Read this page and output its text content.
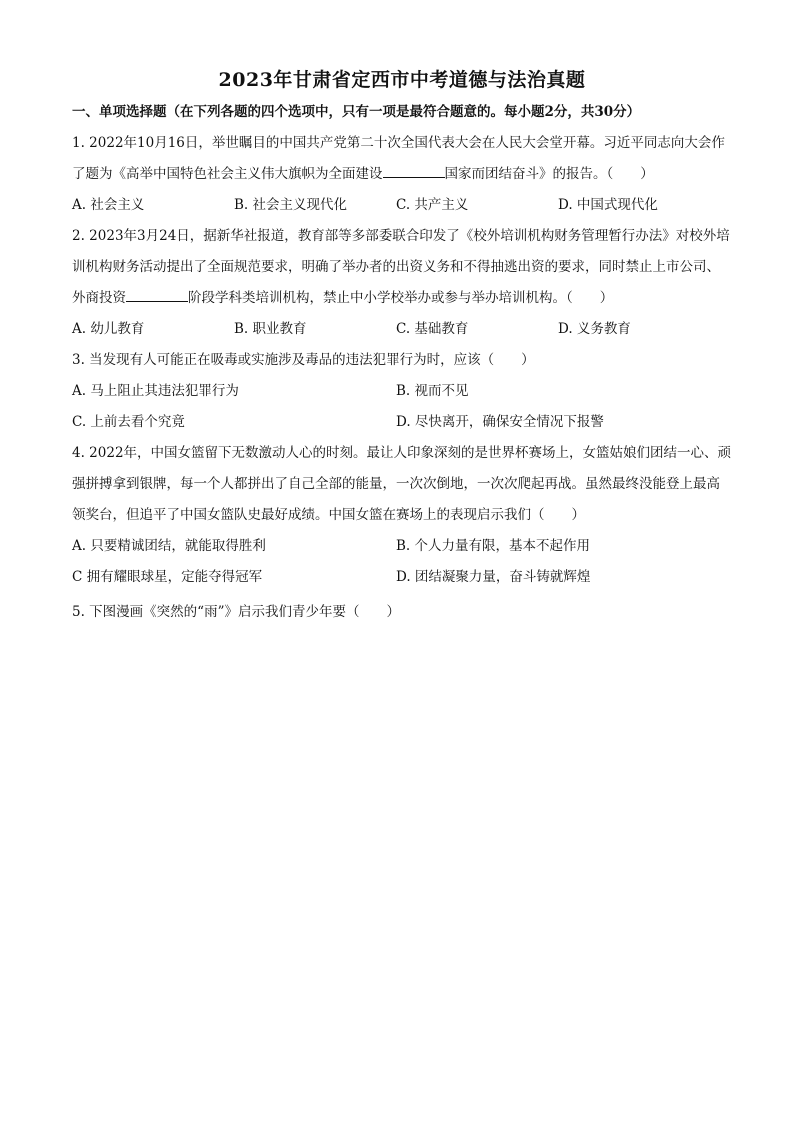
2023年甘肃省定西市中考道德与法治真题
一、单项选择题（在下列各题的四个选项中，只有一项是最符合题意的。每小题2分，共30分）

1. 2022年10月16日，举世瞩目的中国共产党第二十次全国代表大会在人民大会堂开幕。习近平同志向大会作了题为《高举中国特色社会主义伟大旗帜为全面建设	国家而团结奋斗》的报告。（　　）

A. 社会主义	B. 社会主义现代化	C. 共产主义	D. 中国式现代化

2. 2023年3月24日，据新华社报道，教育部等多部委联合印发了《校外培训机构财务管理暂行办法》对校外培训机构财务活动提出了全面规范要求，明确了举办者的出资义务和不得抽逃出资的要求，同时禁止上市公司、外商投资	阶段学科类培训机构，禁止中小学校举办或参与举办培训机构。（　　）

A. 幼儿教育	B. 职业教育	C. 基础教育	D. 义务教育

3. 当发现有人可能正在吸毒或实施涉及毒品的违法犯罪行为时，应该（　　）

A. 马上阻止其违法犯罪行为	B. 视而不见
C. 上前去看个究竟	D. 尽快离开，确保安全情况下报警

4. 2022年，中国女篮留下无数激动人心的时刻。最让人印象深刻的是世界杯赛场上，女篮姑娘们团结一心、顽强拼搏拿到银牌，每一个人都拼出了自己全部的能量，一次次倒地，一次次爬起再战。虽然最终没能登上最高领奖台，但追平了中国女篮队史最好成绩。中国女篮在赛场上的表现启示我们（　　）

A. 只要精诚团结，就能取得胜利	B. 个人力量有限，基本不起作用
C 拥有耀眼球星，定能夺得冠军	D. 团结凝聚力量，奋斗铸就辉煌

5. 下图漫画《突然的“雨”》启示我们青少年要（　　）
